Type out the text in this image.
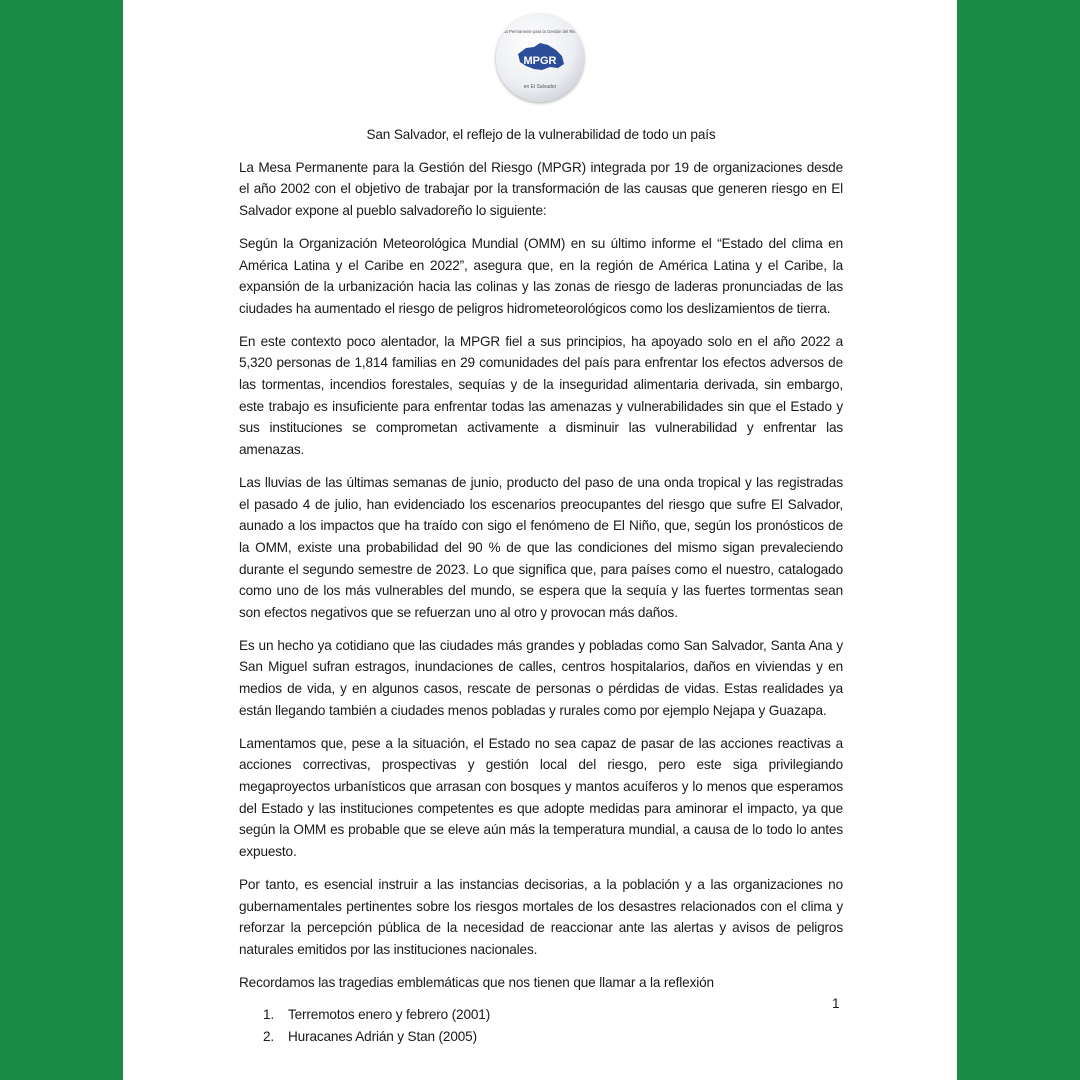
MPGR
Mesa Permanente para la Gestión del Riesgo
en El Salvador

San Salvador, el reflejo de la vulnerabilidad de todo un país

La Mesa Permanente para la Gestión del Riesgo (MPGR) integrada por 19 de organizaciones desde el año 2002 con el objetivo de trabajar por la transformación de las causas que generen riesgo en El Salvador expone al pueblo salvadoreño lo siguiente:

Según la Organización Meteorológica Mundial (OMM) en su último informe el “Estado del clima en América Latina y el Caribe en 2022”, asegura que, en la región de América Latina y el Caribe, la expansión de la urbanización hacia las colinas y las zonas de riesgo de laderas pronunciadas de las ciudades ha aumentado el riesgo de peligros hidrometeorológicos como los deslizamientos de tierra.

En este contexto poco alentador, la MPGR fiel a sus principios, ha apoyado solo en el año 2022 a 5,320 personas de 1,814 familias en 29 comunidades del país para enfrentar los efectos adversos de las tormentas, incendios forestales, sequías y de la inseguridad alimentaria derivada, sin embargo, este trabajo es insuficiente para enfrentar todas las amenazas y vulnerabilidades sin que el Estado y sus instituciones se comprometan activamente a disminuir las vulnerabilidad y enfrentar las amenazas.

Las lluvias de las últimas semanas de junio, producto del paso de una onda tropical y las registradas el pasado 4 de julio, han evidenciado los escenarios preocupantes del riesgo que sufre El Salvador, aunado a los impactos que ha traído con sigo el fenómeno de El Niño, que, según los pronósticos de la OMM, existe una probabilidad del 90 % de que las condiciones del mismo sigan prevaleciendo durante el segundo semestre de 2023. Lo que significa que, para países como el nuestro, catalogado como uno de los más vulnerables del mundo, se espera que la sequía y las fuertes tormentas sean son efectos negativos que se refuerzan uno al otro y provocan más daños.

Es un hecho ya cotidiano que las ciudades más grandes y pobladas como San Salvador, Santa Ana y San Miguel sufran estragos, inundaciones de calles, centros hospitalarios, daños en viviendas y en medios de vida, y en algunos casos, rescate de personas o pérdidas de vidas. Estas realidades ya están llegando también a ciudades menos pobladas y rurales como por ejemplo Nejapa y Guazapa.

Lamentamos que, pese a la situación, el Estado no sea capaz de pasar de las acciones reactivas a acciones correctivas, prospectivas y gestión local del riesgo, pero este siga privilegiando megaproyectos urbanísticos que arrasan con bosques y mantos acuíferos y lo menos que esperamos del Estado y las instituciones competentes es que adopte medidas para aminorar el impacto, ya que según la OMM es probable que se eleve aún más la temperatura mundial, a causa de lo todo lo antes expuesto.

Por tanto, es esencial instruir a las instancias decisorias, a la población y a las organizaciones no gubernamentales pertinentes sobre los riesgos mortales de los desastres relacionados con el clima y reforzar la percepción pública de la necesidad de reaccionar ante las alertas y avisos de peligros naturales emitidos por las instituciones nacionales.

Recordamos las tragedias emblemáticas que nos tienen que llamar a la reflexión

1.	Terremotos enero y febrero (2001)
2.	Huracanes Adrián y Stan (2005)
1
